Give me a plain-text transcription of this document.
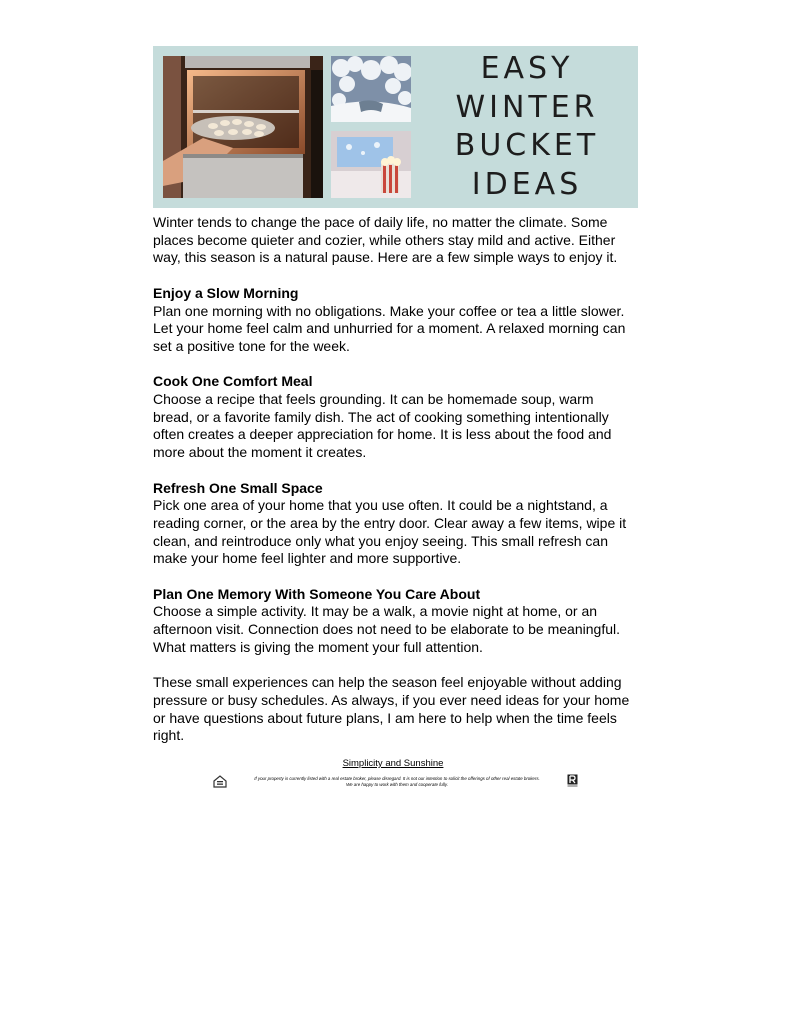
EASY
WINTER
BUCKET
IDEAS

Winter tends to change the pace of daily life, no matter the climate. Some places become quieter and cozier, while others stay mild and active. Either way, this season is a natural pause. Here are a few simple ways to enjoy it.

Enjoy a Slow Morning

Plan one morning with no obligations. Make your coffee or tea a little slower. Let your home feel calm and unhurried for a moment. A relaxed morning can set a positive tone for the week.

Cook One Comfort Meal

Choose a recipe that feels grounding. It can be homemade soup, warm bread, or a favorite family dish. The act of cooking something intentionally often creates a deeper appreciation for home. It is less about the food and more about the moment it creates.

Refresh One Small Space

Pick one area of your home that you use often. It could be a nightstand, a reading corner, or the area by the entry door. Clear away a few items, wipe it clean, and reintroduce only what you enjoy seeing. This small refresh can make your home feel lighter and more supportive.

Plan One Memory With Someone You Care About

Choose a simple activity. It may be a walk, a movie night at home, or an afternoon visit. Connection does not need to be elaborate to be meaningful. What matters is giving the moment your full attention.

These small experiences can help the season feel enjoyable without adding pressure or busy schedules. As always, if you ever need ideas for your home or have questions about future plans, I am here to help when the time feels right.

Simplicity and Sunshine
If your property is currently listed with a real estate broker, please disregard. It is not our intention to solicit the offerings of other real estate brokers.
We are happy to work with them and cooperate fully.
